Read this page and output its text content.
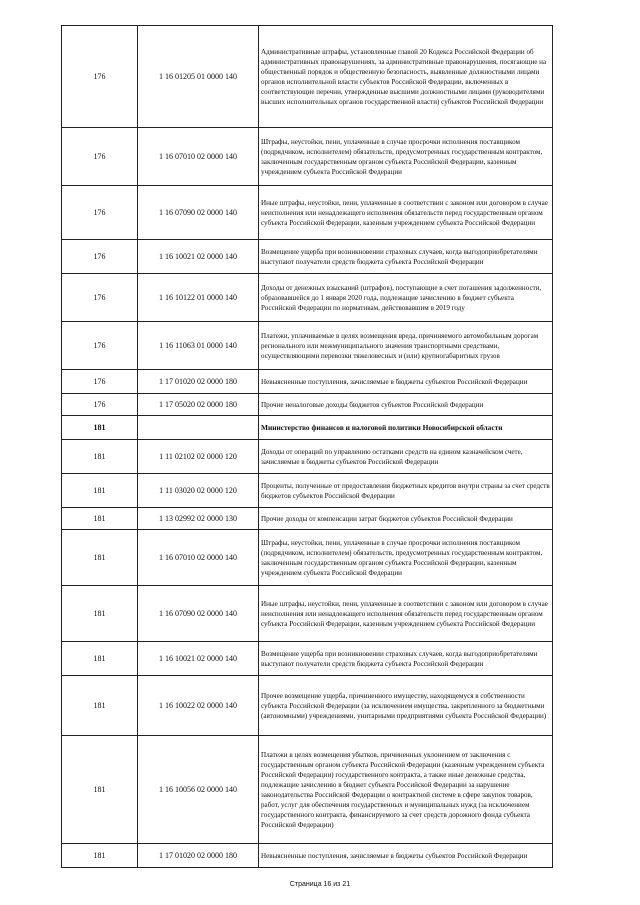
176	1 16 01205 01 0000 140	Административные штрафы, установленные главой 20 Кодекса Российской Федерации об административных правонарушениях, за административные правонарушения, посягающие на общественный порядок и общественную безопасность, выявленные должностными лицами органов исполнительной власти субъектов Российской Федерации, включенных в соответствующие перечни, утвержденные высшими должностными лицами (руководителями высших исполнительных органов государственной власти) субъектов Российской Федерации
176	1 16 07010 02 0000 140	Штрафы, неустойки, пени, уплаченные в случае просрочки исполнения поставщиком (подрядчиком, исполнителем) обязательств, предусмотренных государственным контрактом, заключенным государственным органом субъекта Российской Федерации, казенным учреждением субъекта Российской Федерации
176	1 16 07090 02 0000 140	Иные штрафы, неустойки, пени, уплаченные в соответствии с законом или договором в случае неисполнения или ненадлежащего исполнения обязательств перед государственным органом субъекта Российской Федерации, казенным учреждением субъекта Российской Федерации
176	1 16 10021 02 0000 140	Возмещение ущерба при возникновении страховых случаев, когда выгодоприобретателями выступают получатели средств бюджета субъекта Российской Федерации
176	1 16 10122 01 0000 140	Доходы от денежных взысканий (штрафов), поступающие в счет погашения задолженности, образовавшейся до 1 января 2020 года, подлежащие зачислению в бюджет субъекта Российской Федерации по нормативам, действовавшим в 2019 году
176	1 16 11063 01 0000 140	Платежи, уплачиваемые в целях возмещения вреда, причиняемого автомобильным дорогам регионального или межмуниципального значения транспортными средствами, осуществляющими перевозки тяжеловесных и (или) крупногабаритных грузов
176	1 17 01020 02 0000 180	Невыясненные поступления, зачисляемые в бюджеты субъектов Российской Федерации
176	1 17 05020 02 0000 180	Прочие неналоговые доходы бюджетов субъектов Российской Федерации
181		Министерство финансов и налоговой политики Новосибирской области
181	1 11 02102 02 0000 120	Доходы от операций по управлению остатками средств на едином казначейском счете, зачисляемые в бюджеты субъектов Российской Федерации
181	1 11 03020 02 0000 120	Проценты, полученные от предоставления бюджетных кредитов внутри страны за счет средств бюджетов субъектов Российской Федерации
181	1 13 02992 02 0000 130	Прочие доходы от компенсации затрат бюджетов субъектов Российской Федерации
181	1 16 07010 02 0000 140	Штрафы, неустойки, пени, уплаченные в случае просрочки исполнения поставщиком (подрядчиком, исполнителем) обязательств, предусмотренных государственным контрактом, заключенным государственным органом субъекта Российской Федерации, казенным учреждением субъекта Российской Федерации
181	1 16 07090 02 0000 140	Иные штрафы, неустойки, пени, уплаченные в соответствии с законом или договором в случае неисполнения или ненадлежащего исполнения обязательств перед государственным органом субъекта Российской Федерации, казенным учреждением субъекта Российской Федерации
181	1 16 10021 02 0000 140	Возмещение ущерба при возникновении страховых случаев, когда выгодоприобретателями выступают получатели средств бюджета субъекта Российской Федерации
181	1 16 10022 02 0000 140	Прочее возмещение ущерба, причиненного имуществу, находящемуся в собственности субъекта Российской Федерации (за исключением имущества, закрепленного за бюджетными (автономными) учреждениями, унитарными предприятиями субъекта Российской Федерации)
181	1 16 10056 02 0000 140	Платежи в целях возмещения убытков, причиненных уклонением от заключения с государственным органом субъекта Российской Федерации (казенным учреждением субъекта Российской Федерации) государственного контракта, а также иные денежные средства, подлежащие зачислению в бюджет субъекта Российской Федерации за нарушение законодательства Российской Федерации о контрактной системе в сфере закупок товаров, работ, услуг для обеспечения государственных и муниципальных нужд (за исключением государственного контракта, финансируемого за счет средств дорожного фонда субъекта Российской Федерации)
181	1 17 01020 02 0000 180	Невыясненные поступления, зачисляемые в бюджеты субъектов Российской Федерации
Страница 16 из 21
